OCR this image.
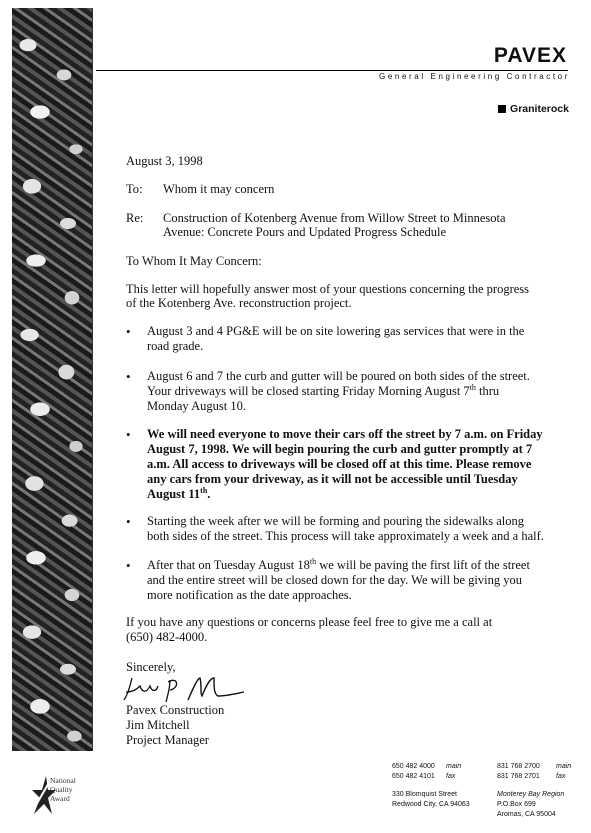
PAVEX
General Engineering Contractor
Graniterock
August 3, 1998
To: Whom it may concern
Re: Construction of Kotenberg Avenue from Willow Street to Minnesota
Avenue: Concrete Pours and Updated Progress Schedule
To Whom It May Concern:
This letter will hopefully answer most of your questions concerning the progress
of the Kotenberg Ave. reconstruction project.
• August 3 and 4 PG&E will be on site lowering gas services that were in the
road grade.
• August 6 and 7 the curb and gutter will be poured on both sides of the street.
Your driveways will be closed starting Friday Morning August 7th thru
Monday August 10.
• We will need everyone to move their cars off the street by 7 a.m. on Friday
August 7, 1998. We will begin pouring the curb and gutter promptly at 7
a.m. All access to driveways will be closed off at this time. Please remove
any cars from your driveway, as it will not be accessible until Tuesday
August 11th.
• Starting the week after we will be forming and pouring the sidewalks along
both sides of the street. This process will take approximately a week and a half.
• After that on Tuesday August 18th we will be paving the first lift of the street
and the entire street will be closed down for the day. We will be giving you
more notification as the date approaches.
If you have any questions or concerns please feel free to give me a call at
(650) 482-4000.
Sincerely,
Pavex Construction
Jim Mitchell
Project Manager
National
Quality
Award
650 482 4000 main
650 482 4101 fax
330 Blomquist Street
Redwood City, CA 94063
831 768 2700 main
831 768 2701 fax
Monterey Bay Region
P.O.Box 699
Aromas, CA 95004
